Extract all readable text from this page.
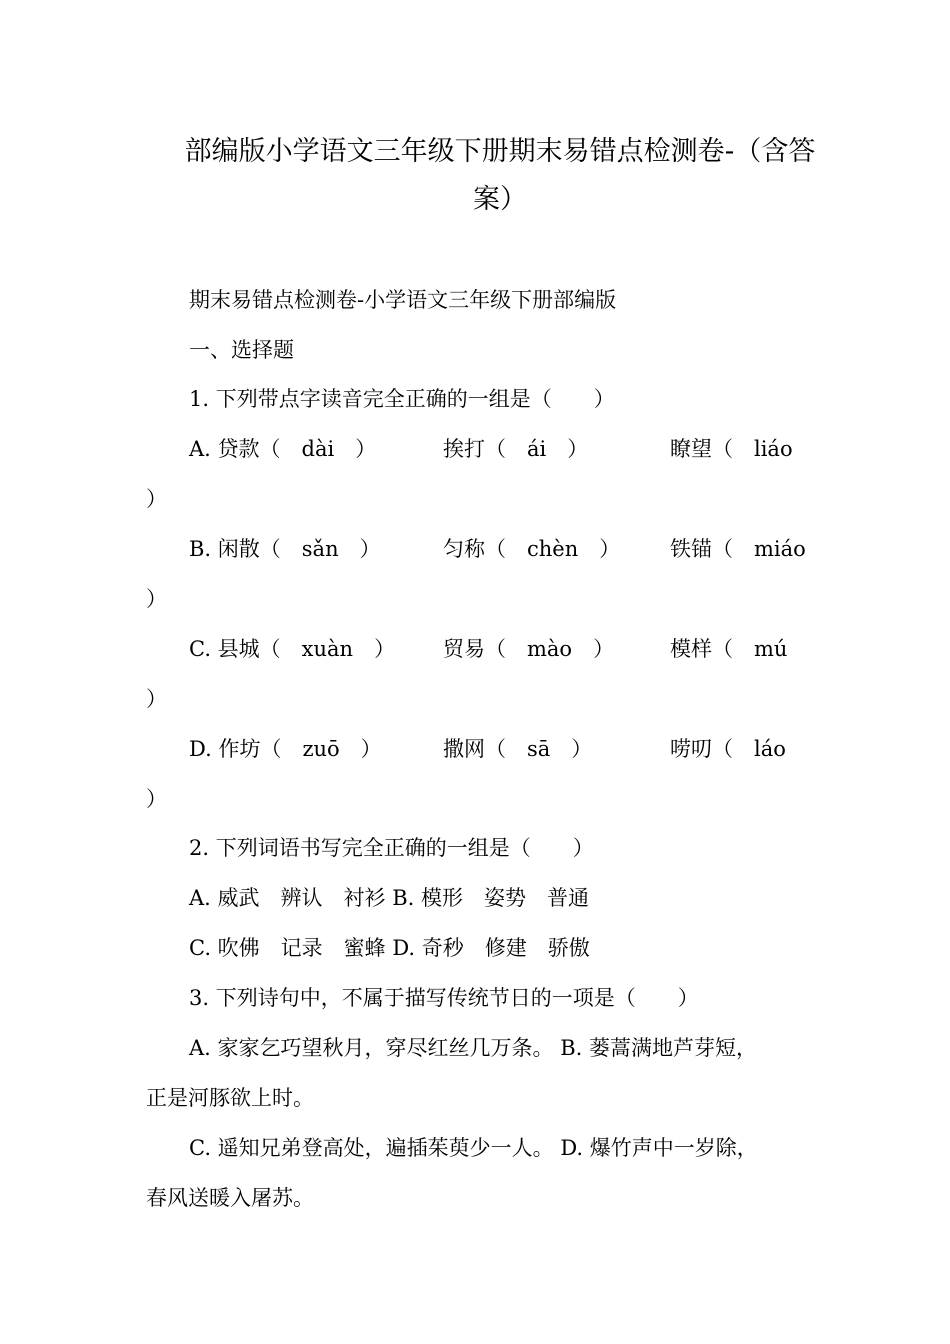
部编版小学语文三年级下册期末易错点检测卷-（含答
案）
期末易错点检测卷-小学语文三年级下册部编版
一、选择题
1. 下列带点字读音完全正确的一组是（　　）
A. 贷款（　dài　）	挨打（　ái　）	瞭望（　liáo
）
B. 闲散（　sǎn　）	匀称（　chèn　） 铁锚（　miáo
）
C. 县城（　xuàn　） 贸易（　mào　）	模样（　mú
）
D. 作坊（　zuō　）	撒网（　sā　）	唠叨（　láo
）
2. 下列词语书写完全正确的一组是（　　）
A. 威武　辨认　衬衫 B. 模形　姿势　普通
C. 吹佛　记录　蜜蜂 D. 奇秒　修建　骄傲
3. 下列诗句中，不属于描写传统节日的一项是（　　）
A. 家家乞巧望秋月，穿尽红丝几万条。 B. 蒌蒿满地芦芽短，
正是河豚欲上时。
C. 遥知兄弟登高处，遍插茱萸少一人。 D. 爆竹声中一岁除，
春风送暖入屠苏。
